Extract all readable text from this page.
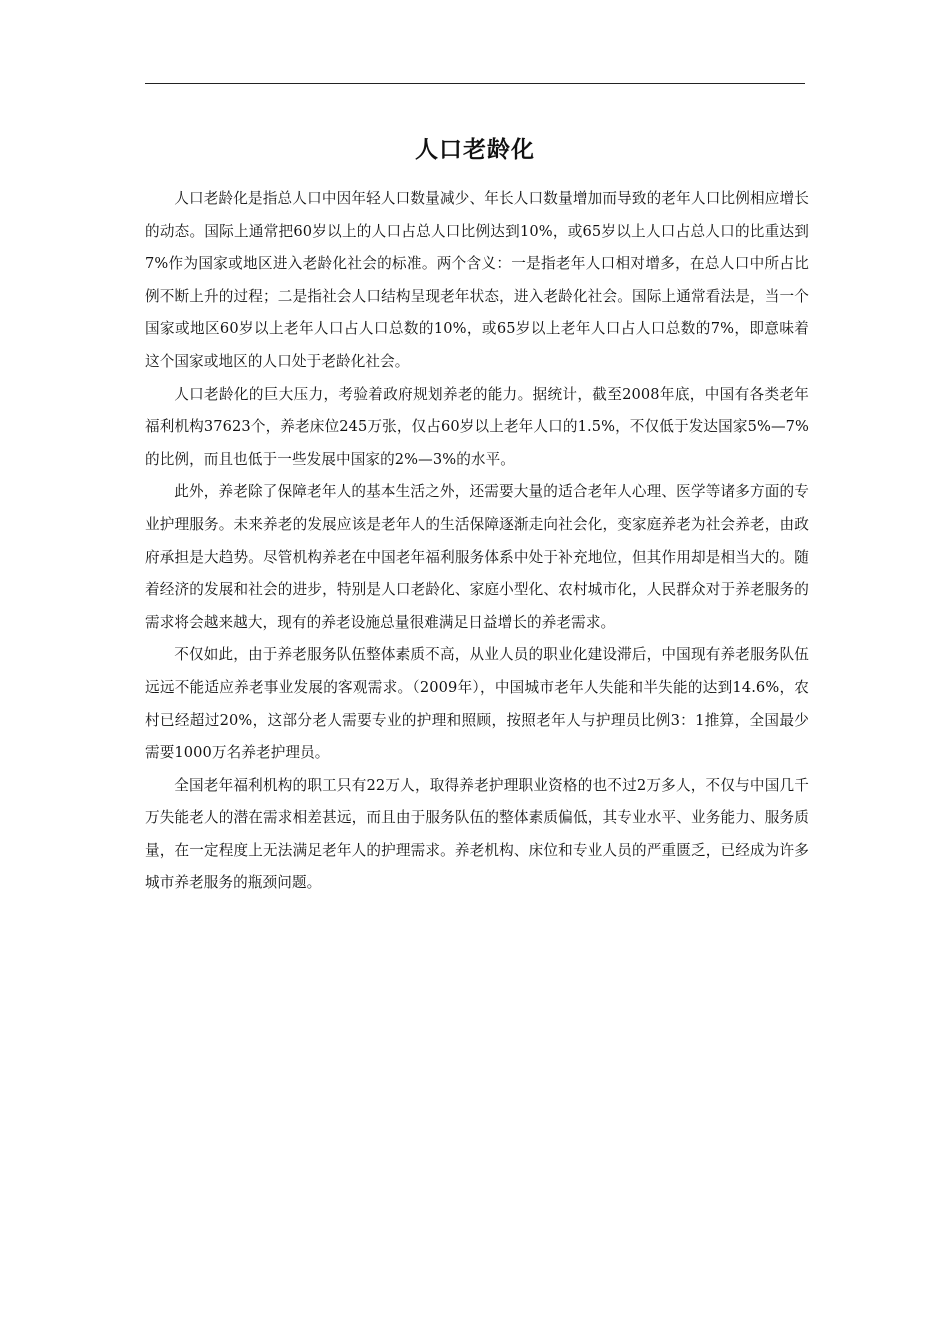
人口老龄化

人口老龄化是指总人口中因年轻人口数量减少、年长人口数量增加而导致的老年人口比例相应增长的动态。国际上通常把60岁以上的人口占总人口比例达到10%，或65岁以上人口占总人口的比重达到7%作为国家或地区进入老龄化社会的标准。两个含义：一是指老年人口相对增多，在总人口中所占比例不断上升的过程；二是指社会人口结构呈现老年状态，进入老龄化社会。国际上通常看法是，当一个国家或地区60岁以上老年人口占人口总数的10%，或65岁以上老年人口占人口总数的7%，即意味着这个国家或地区的人口处于老龄化社会。

人口老龄化的巨大压力，考验着政府规划养老的能力。据统计，截至2008年底，中国有各类老年福利机构37623个，养老床位245万张，仅占60岁以上老年人口的1.5%，不仅低于发达国家5%—7%的比例，而且也低于一些发展中国家的2%—3%的水平。

此外，养老除了保障老年人的基本生活之外，还需要大量的适合老年人心理、医学等诸多方面的专业护理服务。未来养老的发展应该是老年人的生活保障逐渐走向社会化，变家庭养老为社会养老，由政府承担是大趋势。尽管机构养老在中国老年福利服务体系中处于补充地位，但其作用却是相当大的。随着经济的发展和社会的进步，特别是人口老龄化、家庭小型化、农村城市化，人民群众对于养老服务的需求将会越来越大，现有的养老设施总量很难满足日益增长的养老需求。

不仅如此，由于养老服务队伍整体素质不高，从业人员的职业化建设滞后，中国现有养老服务队伍远远不能适应养老事业发展的客观需求。（2009年），中国城市老年人失能和半失能的达到14.6%，农村已经超过20%，这部分老人需要专业的护理和照顾，按照老年人与护理员比例3：1推算，全国最少需要1000万名养老护理员。

全国老年福利机构的职工只有22万人，取得养老护理职业资格的也不过2万多人，不仅与中国几千万失能老人的潜在需求相差甚远，而且由于服务队伍的整体素质偏低，其专业水平、业务能力、服务质量，在一定程度上无法满足老年人的护理需求。养老机构、床位和专业人员的严重匮乏，已经成为许多城市养老服务的瓶颈问题。
